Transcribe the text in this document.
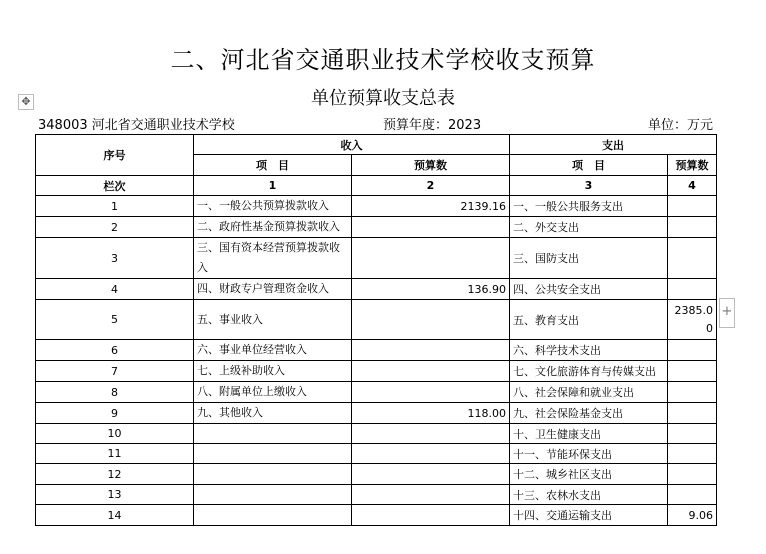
二、河北省交通职业技术学校收支预算
✥	单位预算收支总表
348003 河北省交通职业技术学校	预算年度：2023	单位：万元
序号	收入		支出	
	项　目	预算数	项　目	预算数
栏次	1	2	3	4
1	一、一般公共预算拨款收入	2139.16	一、一般公共服务支出	
2	二、政府性基金预算拨款收入		二、外交支出	
3	三、国有资本经营预算拨款收入		三、国防支出	
4	四、财政专户管理资金收入	136.90	四、公共安全支出	
5	五、事业收入		五、教育支出	2385.00
6	六、事业单位经营收入		六、科学技术支出	
7	七、上级补助收入		七、文化旅游体育与传媒支出	
8	八、附属单位上缴收入		八、社会保障和就业支出	
9	九、其他收入	118.00	九、社会保险基金支出	
10			十、卫生健康支出	
11			十一、节能环保支出	
12			十二、城乡社区支出	
13			十三、农林水支出	
14			十四、交通运输支出	9.06
+
